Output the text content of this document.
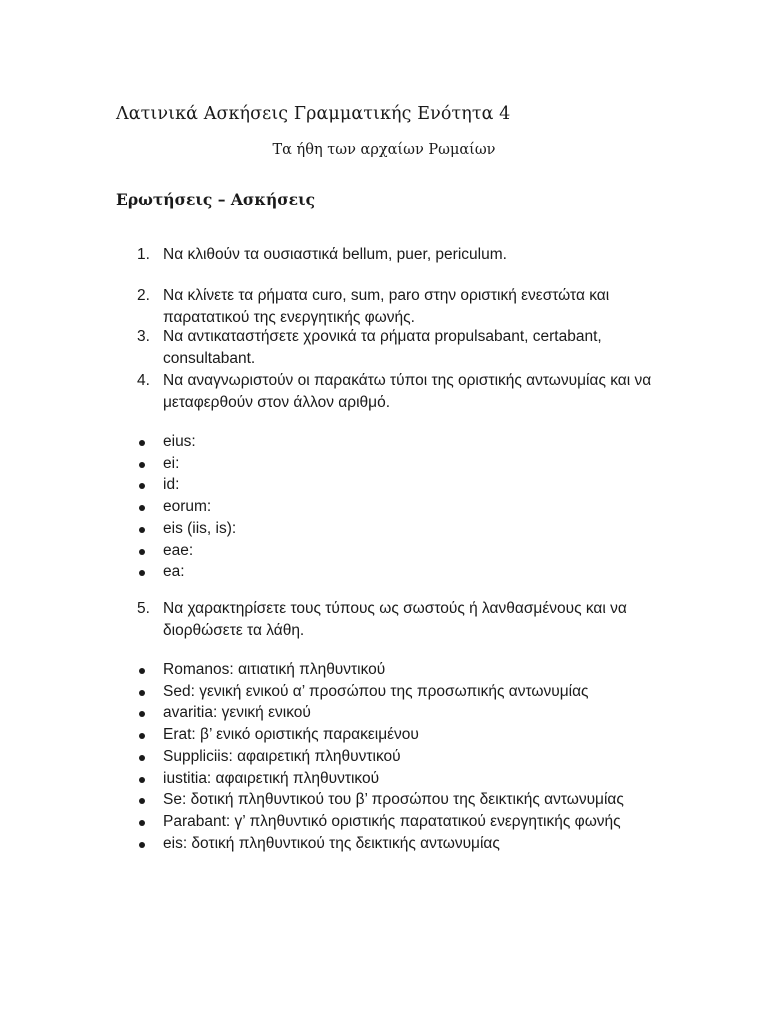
Λατινικά Ασκήσεις Γραμματικής Ενότητα 4

Τα ήθη των αρχαίων Ρωμαίων

Ερωτήσεις – Ασκήσεις
1. Να κλιθούν τα ουσιαστικά bellum, puer, periculum.
2. Να κλίνετε τα ρήματα curo, sum, paro στην οριστική ενεστώτα και παρατατικού της ενεργητικής φωνής.
3. Να αντικαταστήσετε χρονικά τα ρήματα propulsabant, certabant, consultabant.
4. Να αναγνωριστούν οι παρακάτω τύποι της οριστικής αντωνυμίας και να μεταφερθούν στον άλλον αριθμό.
eius:
ei:
id:
eorum:
eis (iis, is):
eae:
ea:
5. Να χαρακτηρίσετε τους τύπους ως σωστούς ή λανθασμένους και να διορθώσετε τα λάθη.
Romanos: αιτιατική πληθυντικού
Sed: γενική ενικού α’ προσώπου της προσωπικής αντωνυμίας
avaritia: γενική ενικού
Erat: β’ ενικό οριστικής παρακειμένου
Suppliciis: αφαιρετική πληθυντικού
iustitia: αφαιρετική πληθυντικού
Se: δοτική πληθυντικού του β’ προσώπου της δεικτικής αντωνυμίας
Parabant: γ’ πληθυντικό οριστικής παρατατικού ενεργητικής φωνής
eis: δοτική πληθυντικού της δεικτικής αντωνυμίας
